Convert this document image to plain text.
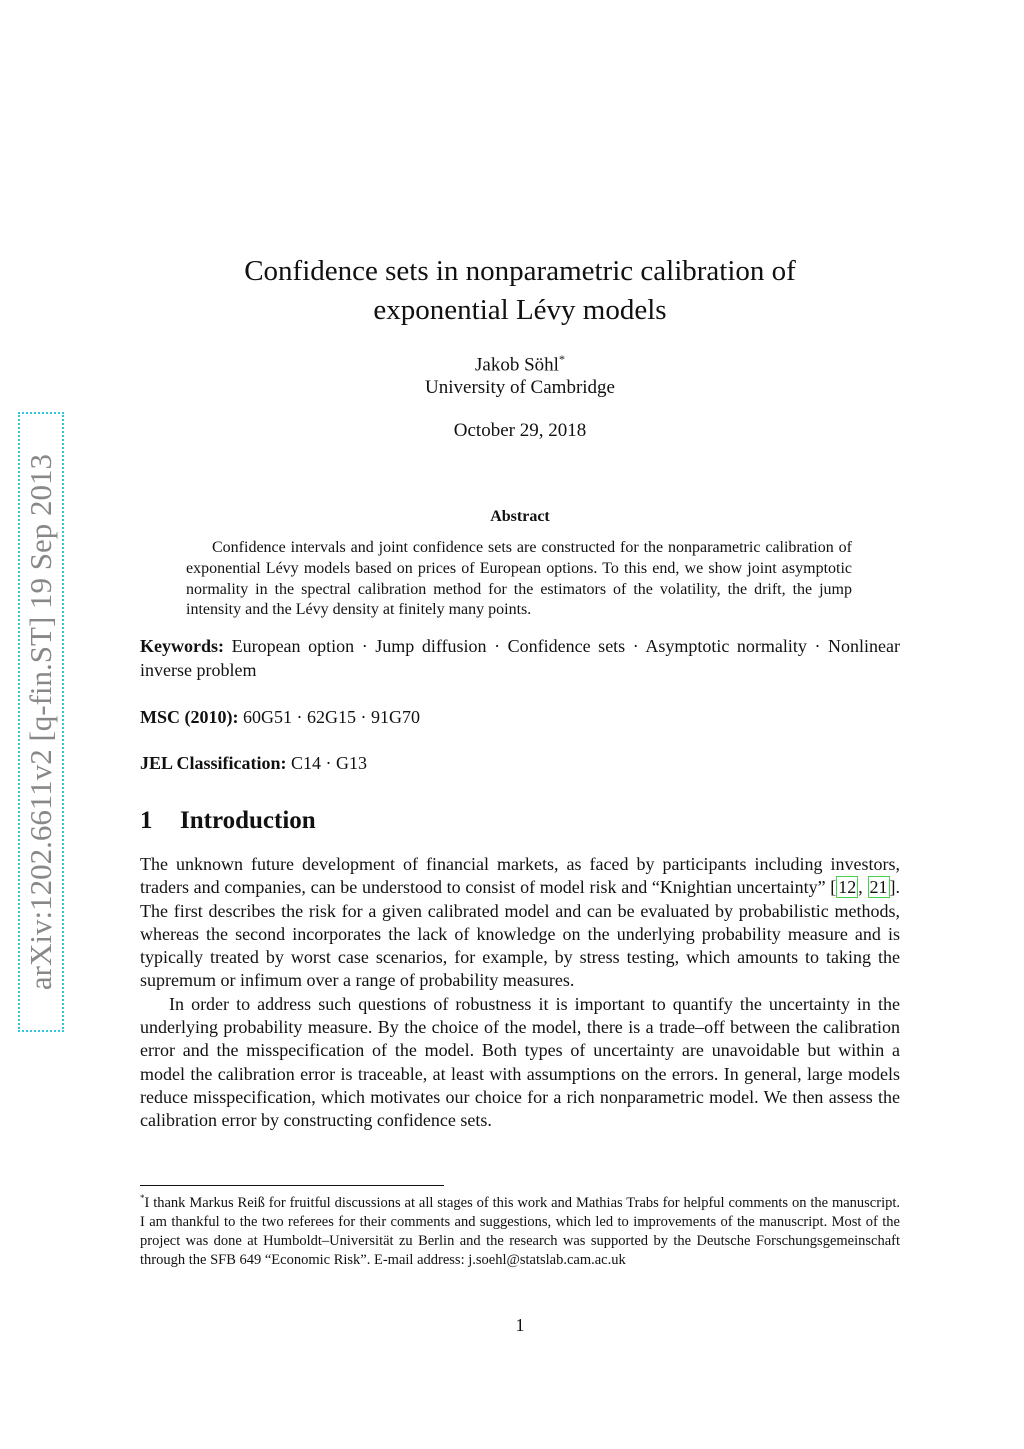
arXiv:1202.6611v2 [q-fin.ST] 19 Sep 2013
Confidence sets in nonparametric calibration of
exponential Lévy models
Jakob Söhl*
University of Cambridge
October 29, 2018
Abstract
Confidence intervals and joint confidence sets are constructed for the nonparametric calibration of exponential Lévy models based on prices of European options. To this end, we show joint asymptotic normality in the spectral calibration method for the estimators of the volatility, the drift, the jump intensity and the Lévy density at finitely many points.
Keywords: European option · Jump diffusion · Confidence sets · Asymptotic normality · Nonlinear inverse problem
MSC (2010): 60G51 · 62G15 · 91G70
JEL Classification: C14 · G13
1 Introduction

The unknown future development of financial markets, as faced by participants including investors, traders and companies, can be understood to consist of model risk and “Knightian uncertainty” [ 12 , 21 ]. The first describes the risk for a given calibrated model and can be evaluated by probabilistic methods, whereas the second incorporates the lack of knowledge on the underlying probability measure and is typically treated by worst case scenarios, for example, by stress testing, which amounts to taking the supremum or infimum over a range of probability measures.

In order to address such questions of robustness it is important to quantify the uncertainty in the underlying probability measure. By the choice of the model, there is a trade–off between the calibration error and the misspecification of the model. Both types of uncertainty are unavoidable but within a model the calibration error is traceable, at least with assumptions on the errors. In general, large models reduce misspecification, which motivates our choice for a rich nonparametric model. We then assess the calibration error by constructing confidence sets.

*I thank Markus Reiß for fruitful discussions at all stages of this work and Mathias Trabs for helpful comments on the manuscript. I am thankful to the two referees for their comments and suggestions, which led to improvements of the manuscript. Most of the project was done at Humboldt–Universität zu Berlin and the research was supported by the Deutsche Forschungsgemeinschaft through the SFB 649 “Economic Risk”. E-mail address: j.soehl@statslab.cam.ac.uk
1
